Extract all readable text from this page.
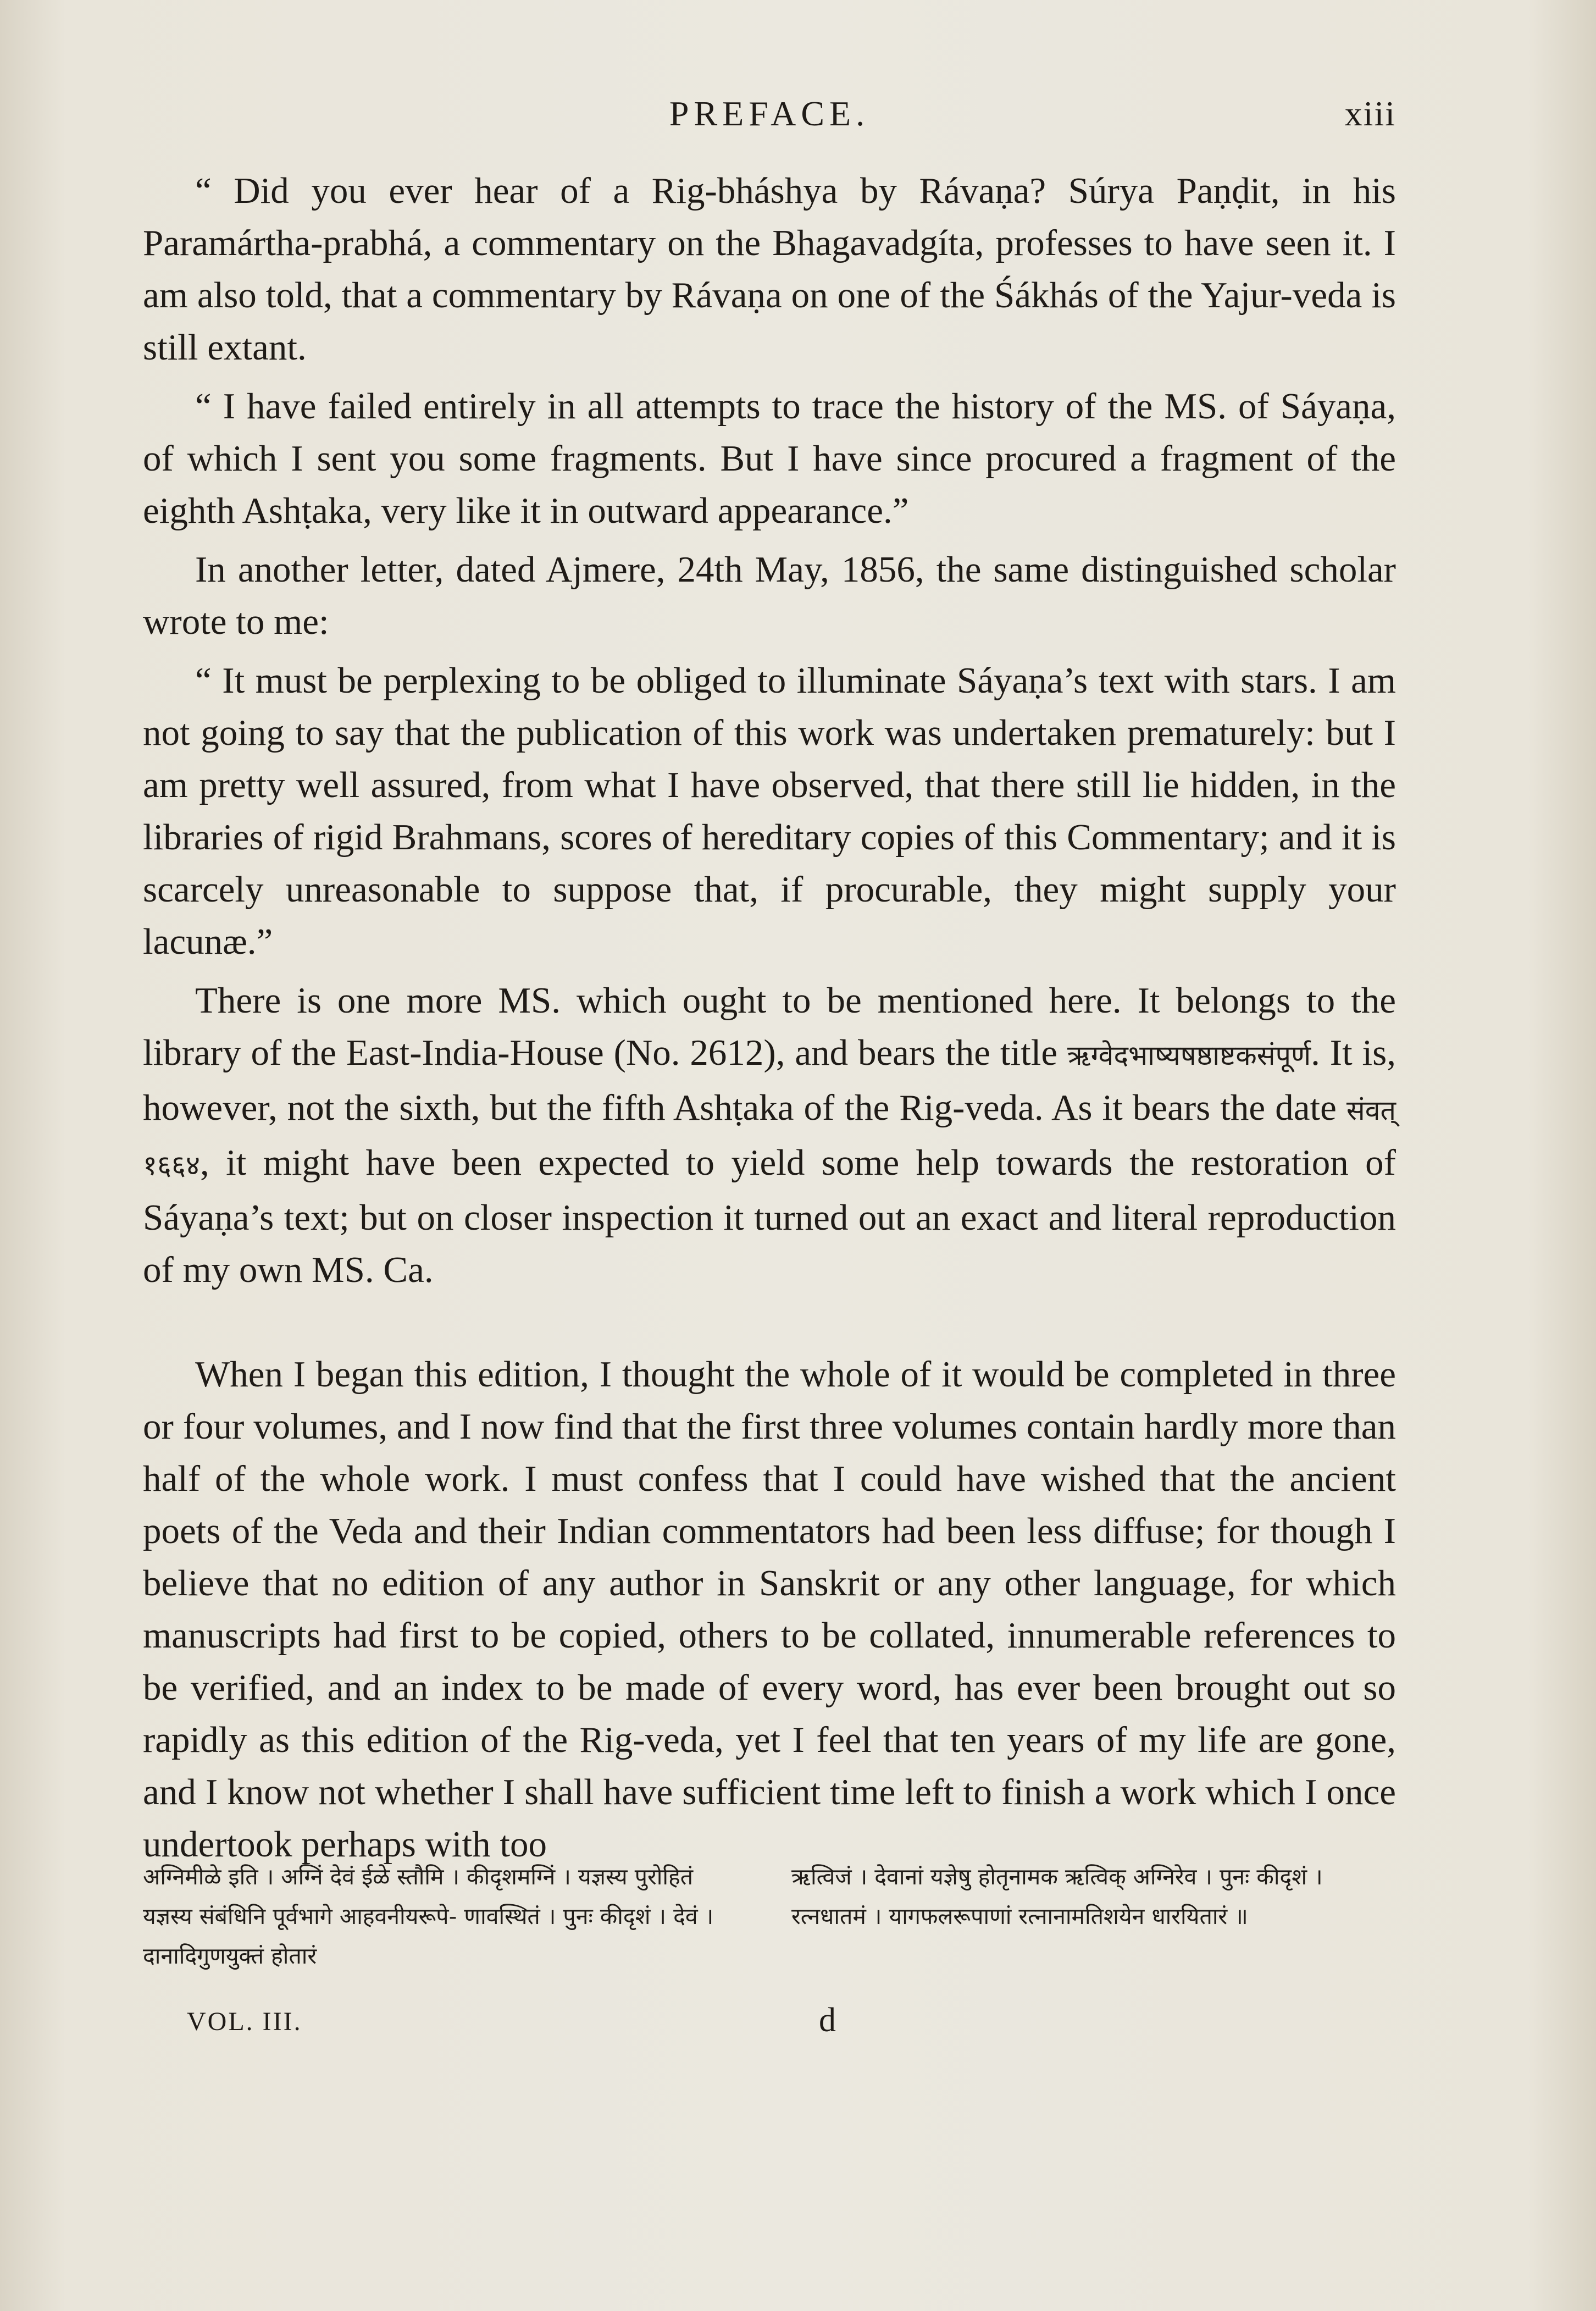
PREFACE.	xiii

“ Did you ever hear of a Rig-bháshya by Rávaṇa? Súrya Paṇḍit, in his Paramártha-prabhá, a commentary on the Bhagavadgíta, professes to have seen it. I am also told, that a commentary by Rávaṇa on one of the Śákhás of the Yajur-veda is still extant.

“ I have failed entirely in all attempts to trace the history of the MS. of Sáyaṇa, of which I sent you some fragments. But I have since procured a fragment of the eighth Ashṭaka, very like it in outward appearance.”

In another letter, dated Ajmere, 24th May, 1856, the same distinguished scholar wrote to me:

“ It must be perplexing to be obliged to illuminate Sáyaṇa’s text with stars. I am not going to say that the publication of this work was undertaken prematurely: but I am pretty well assured, from what I have observed, that there still lie hidden, in the libraries of rigid Brahmans, scores of hereditary copies of this Commentary; and it is scarcely unreasonable to suppose that, if procurable, they might supply your lacunæ.”

There is one more MS. which ought to be mentioned here. It belongs to the library of the East-India-House (No. 2612), and bears the title ऋग्वेदभाष्यषष्ठाष्टकसंपूर्ण. It is, however, not the sixth, but the fifth Ashṭaka of the Rig-veda. As it bears the date संवत् १६६४, it might have been expected to yield some help towards the restoration of Sáyaṇa’s text; but on closer inspection it turned out an exact and literal reproduction of my own MS. Ca.

When I began this edition, I thought the whole of it would be completed in three or four volumes, and I now find that the first three volumes contain hardly more than half of the whole work. I must confess that I could have wished that the ancient poets of the Veda and their Indian commentators had been less diffuse; for though I believe that no edition of any author in Sanskrit or any other language, for which manuscripts had first to be copied, others to be collated, innumerable references to be verified, and an index to be made of every word, has ever been brought out so rapidly as this edition of the Rig-veda, yet I feel that ten years of my life are gone, and I know not whether I shall have sufficient time left to finish a work which I once undertook perhaps with too

अग्निमीळे इति । अग्निं देवं ईळे स्तौमि । कीदृशमग्निं । यज्ञस्य पुरोहितं यज्ञस्य संबंधिनि पूर्वभागे आहवनीयरूपे- णावस्थितं । पुनः कीदृशं । देवं । दानादिगुणयुक्तं होतारं
ऋत्विजं । देवानां यज्ञेषु होतृनामक ऋत्विक् अग्निरेव । पुनः कीदृशं । रत्नधातमं । यागफलरूपाणां रत्नानामतिशयेन धारयितारं ॥
VOL. III.	d
